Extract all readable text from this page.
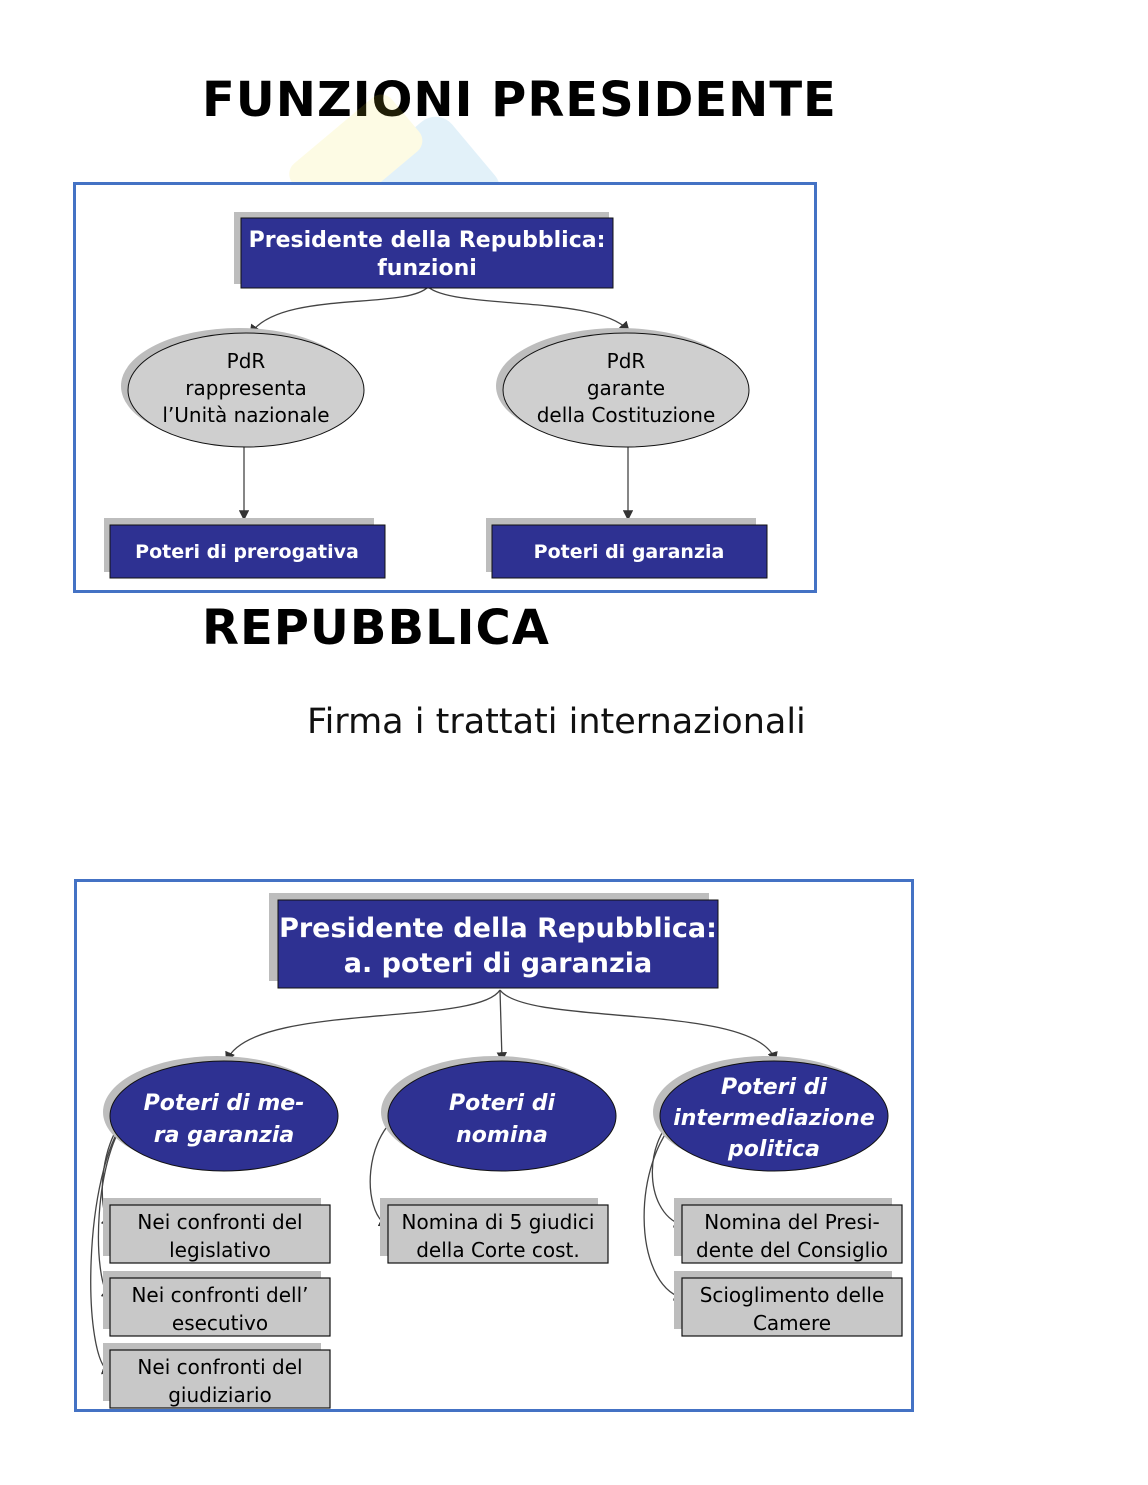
FUNZIONI PRESIDENTE
Presidente della Repubblica:
funzioni
PdR
rappresenta
l’Unità nazionale
PdR
garante
della Costituzione
Poteri di prerogativa	Poteri di garanzia
REPUBBLICA
Firma i trattati internazionali
Presidente della Repubblica:
a. poteri di garanzia
Poteri di me-
ra garanzia
Poteri di
nomina
Poteri di
intermediazione
politica
Nei confronti del
legislativo
Nei confronti dell’
esecutivo
Nei confronti del
giudiziario
Nomina di 5 giudici
della Corte cost.
Nomina del Presi-
dente del Consiglio
Scioglimento delle
Camere
